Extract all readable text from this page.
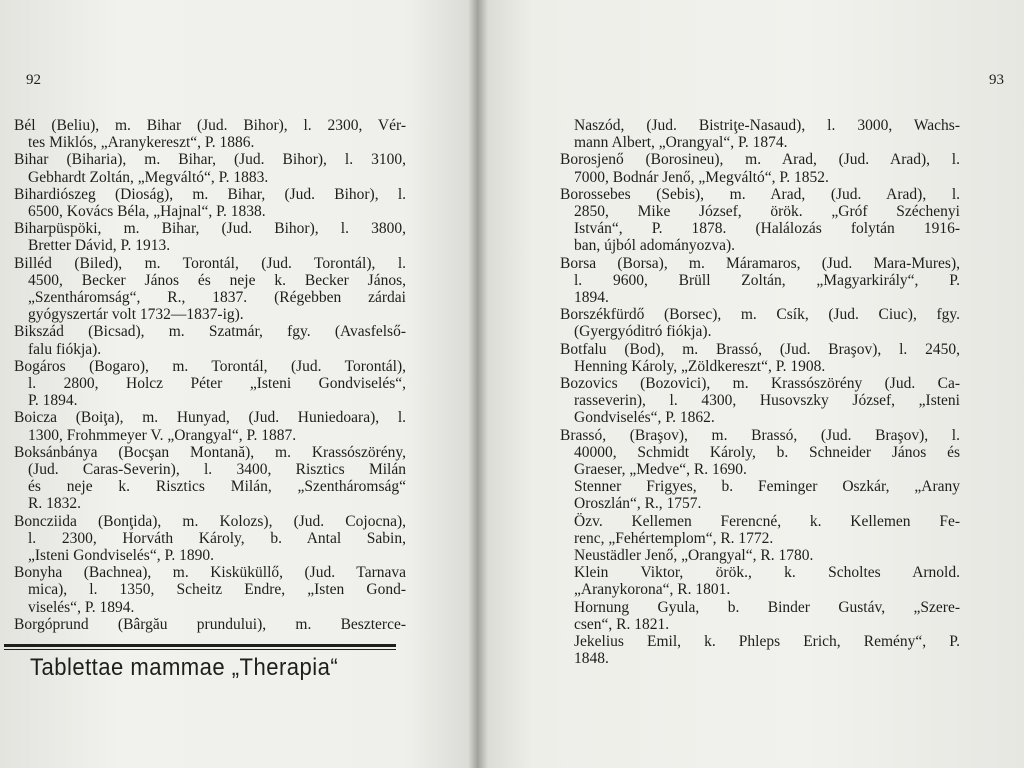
92
Bél (Beliu), m. Bihar (Jud. Bihor), l. 2300, Vér-
tes Miklós, „Aranykereszt“, P. 1886.
Bihar (Biharia), m. Bihar, (Jud. Bihor), l. 3100,
Gebhardt Zoltán, „Megváltó“, P. 1883.
Bihardiószeg (Dioság), m. Bihar, (Jud. Bihor), l.
6500, Kovács Béla, „Hajnal“, P. 1838.
Biharpüspöki, m. Bihar, (Jud. Bihor), l. 3800,
Bretter Dávid, P. 1913.
Billéd (Biled), m. Torontál, (Jud. Torontál), l.
4500, Becker János és neje k. Becker János,
„Szentháromság“, R., 1837. (Régebben zárdai
gyógyszertár volt 1732—1837-ig).
Bikszád (Bicsad), m. Szatmár, fgy. (Avasfelső-
falu fiókja).
Bogáros (Bogaro), m. Torontál, (Jud. Torontál),
l. 2800, Holcz Péter „Isteni Gondviselés“,
P. 1894.
Boicza (Boiţa), m. Hunyad, (Jud. Huniedoara), l.
1300, Frohmmeyer V. „Orangyal“, P. 1887.
Boksánbánya (Bocşan Montană), m. Krassószörény,
(Jud. Caras-Severin), l. 3400, Risztics Milán
és neje k. Risztics Milán, „Szentháromság“
R. 1832.
Boncziida (Bonţida), m. Kolozs), (Jud. Cojocna),
l. 2300, Horváth Károly, b. Antal Sabin,
„Isteni Gondviselés“, P. 1890.
Bonyha (Bachnea), m. Kisküküllő, (Jud. Tarnava
mica), l. 1350, Scheitz Endre, „Isten Gond-
viselés“, P. 1894.
Borgóprund (Bârgău prundului), m. Beszterce-
Tablettae mammae „Therapia“
93
Naszód, (Jud. Bistriţe-Nasaud), l. 3000, Wachs-
mann Albert, „Orangyal“, P. 1874.
Borosjenő (Borosineu), m. Arad, (Jud. Arad), l.
7000, Bodnár Jenő, „Megváltó“, P. 1852.
Borossebes (Sebis), m. Arad, (Jud. Arad), l.
2850, Mike József, örök. „Gróf Széchenyi
István“, P. 1878. (Halálozás folytán 1916-
ban, újból adományozva).
Borsa (Borsa), m. Máramaros, (Jud. Mara-Mures),
l. 9600, Brüll Zoltán, „Magyarkirály“, P.
1894.
Borszékfürdő (Borsec), m. Csík, (Jud. Ciuc), fgy.
(Gyergyóditró fiókja).
Botfalu (Bod), m. Brassó, (Jud. Braşov), l. 2450,
Henning Károly, „Zöldkereszt“, P. 1908.
Bozovics (Bozovici), m. Krassószörény (Jud. Ca-
rasseverin), l. 4300, Husovszky József, „Isteni
Gondviselés“, P. 1862.
Brassó, (Braşov), m. Brassó, (Jud. Braşov), l.
40000, Schmidt Károly, b. Schneider János és
Graeser, „Medve“, R. 1690.
Stenner Frigyes, b. Feminger Oszkár, „Arany
Oroszlán“, R., 1757.
Özv. Kellemen Ferencné, k. Kellemen Fe-
renc, „Fehértemplom“, R. 1772.
Neustädler Jenő, „Orangyal“, R. 1780.
Klein Viktor, örök., k. Scholtes Arnold.
„Aranykorona“, R. 1801.
Hornung Gyula, b. Binder Gustáv, „Szere-
csen“, R. 1821.
Jekelius Emil, k. Phleps Erich, Remény“, P.
1848.
